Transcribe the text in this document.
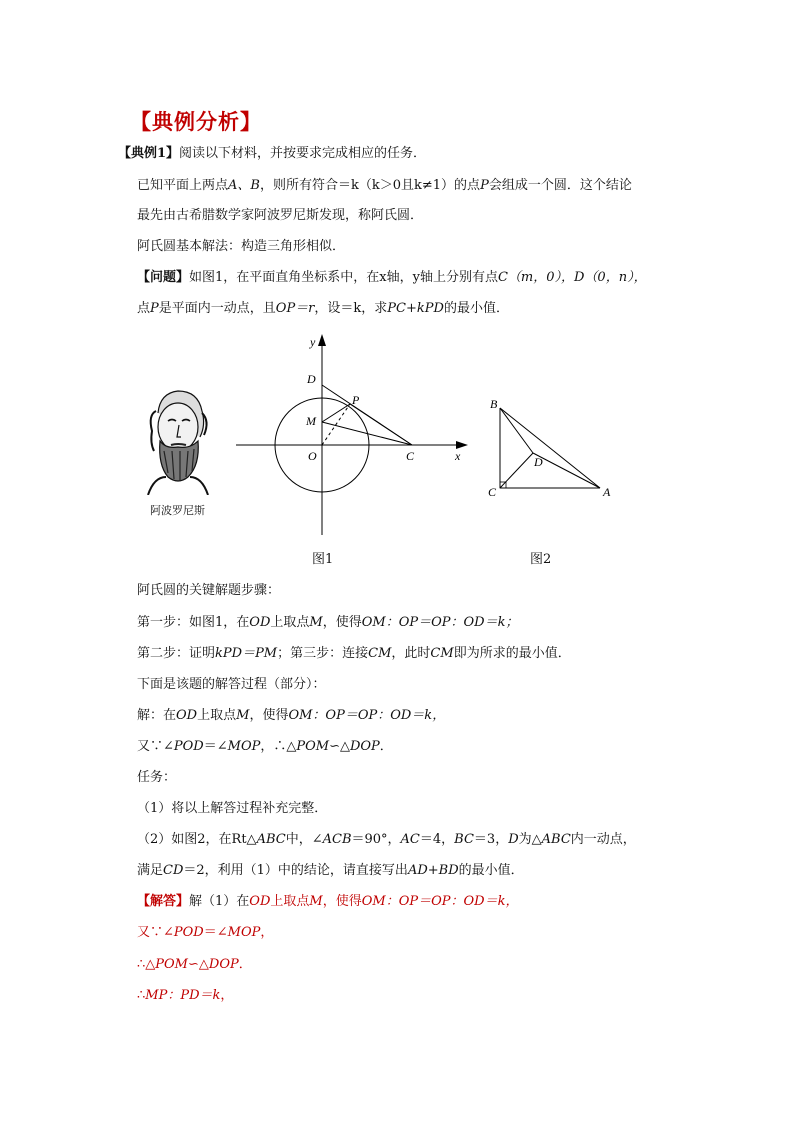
【典例分析】
【典例1】阅读以下材料，并按要求完成相应的任务．
已知平面上两点A、B，则所有符合＝k（k＞0且k≠1）的点P会组成一个圆．这个结论
最先由古希腊数学家阿波罗尼斯发现，称阿氏圆．
阿氏圆基本解法：构造三角形相似．
【问题】如图1，在平面直角坐标系中，在x轴，y轴上分别有点C（m，0），D（0，n），
点P是平面内一动点，且OP＝r，设＝k，求PC+kPD的最小值．
阿波罗尼斯
y
x
D
M
P
O	C
图1
B
D
C	A
图2
阿氏圆的关键解题步骤：
第一步：如图1，在OD上取点M，使得OM：OP＝OP：OD＝k；
第二步：证明kPD＝PM；第三步：连接CM，此时CM即为所求的最小值．
下面是该题的解答过程（部分）：
解：在OD上取点M，使得OM：OP＝OP：OD＝k，
又∵∠POD＝∠MOP，∴△POM∽△DOP．
任务：
（1）将以上解答过程补充完整．
（2）如图2，在Rt△ABC中，∠ACB＝90°，AC＝4，BC＝3，D为△ABC内一动点，
满足CD＝2，利用（1）中的结论，请直接写出AD+BD的最小值．
【解答】解（1）在OD上取点M，使得OM：OP＝OP：OD＝k，
又∵∠POD＝∠MOP，
∴△POM∽△DOP．
∴MP：PD＝k，
